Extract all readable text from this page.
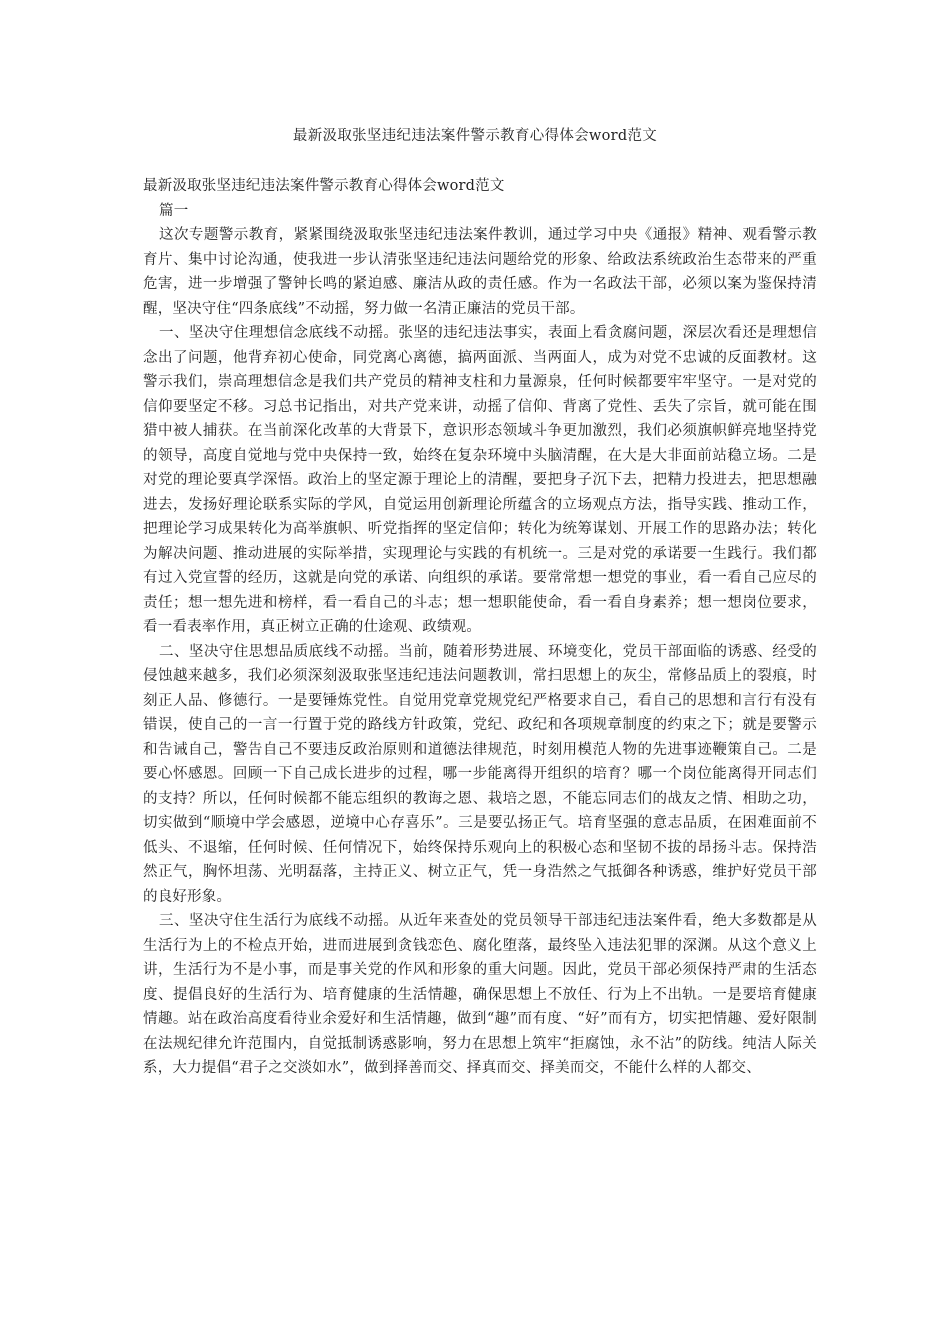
最新汲取张坚违纪违法案件警示教育心得体会word范文

最新汲取张坚违纪违法案件警示教育心得体会word范文

篇一

这次专题警示教育，紧紧围绕汲取张坚违纪违法案件教训，通过学习中央《通报》精神、观看警示教育片、集中讨论沟通，使我进一步认清张坚违纪违法问题给党的形象、给政法系统政治生态带来的严重危害，进一步增强了警钟长鸣的紧迫感、廉洁从政的责任感。作为一名政法干部，必须以案为鉴保持清醒，坚决守住“四条底线”不动摇，努力做一名清正廉洁的党员干部。

一、坚决守住理想信念底线不动摇。张坚的违纪违法事实，表面上看贪腐问题，深层次看还是理想信念出了问题，他背弃初心使命，同党离心离德，搞两面派、当两面人，成为对党不忠诚的反面教材。这警示我们，崇高理想信念是我们共产党员的精神支柱和力量源泉，任何时候都要牢牢坚守。一是对党的信仰要坚定不移。习总书记指出，对共产党来讲，动摇了信仰、背离了党性、丢失了宗旨，就可能在围猎中被人捕获。在当前深化改革的大背景下，意识形态领域斗争更加激烈，我们必须旗帜鲜亮地坚持党的领导，高度自觉地与党中央保持一致，始终在复杂环境中头脑清醒，在大是大非面前站稳立场。二是对党的理论要真学深悟。政治上的坚定源于理论上的清醒，要把身子沉下去，把精力投进去，把思想融进去，发扬好理论联系实际的学风，自觉运用创新理论所蕴含的立场观点方法，指导实践、推动工作，把理论学习成果转化为高举旗帜、听党指挥的坚定信仰；转化为统筹谋划、开展工作的思路办法；转化为解决问题、推动进展的实际举措，实现理论与实践的有机统一。三是对党的承诺要一生践行。我们都有过入党宣誓的经历，这就是向党的承诺、向组织的承诺。要常常想一想党的事业，看一看自己应尽的责任；想一想先进和榜样，看一看自己的斗志；想一想职能使命，看一看自身素养；想一想岗位要求，看一看表率作用，真正树立正确的仕途观、政绩观。

二、坚决守住思想品质底线不动摇。当前，随着形势进展、环境变化，党员干部面临的诱惑、经受的侵蚀越来越多，我们必须深刻汲取张坚违纪违法问题教训，常扫思想上的灰尘，常修品质上的裂痕，时刻正人品、修德行。一是要锤炼党性。自觉用党章党规党纪严格要求自己，看自己的思想和言行有没有错误，使自己的一言一行置于党的路线方针政策，党纪、政纪和各项规章制度的约束之下；就是要警示和告诫自己，警告自己不要违反政治原则和道德法律规范，时刻用模范人物的先进事迹鞭策自己。二是要心怀感恩。回顾一下自己成长进步的过程，哪一步能离得开组织的培育？哪一个岗位能离得开同志们的支持？所以，任何时候都不能忘组织的教诲之恩、栽培之恩，不能忘同志们的战友之情、相助之功，切实做到“顺境中学会感恩，逆境中心存喜乐”。三是要弘扬正气。培育坚强的意志品质，在困难面前不低头、不退缩，任何时候、任何情况下，始终保持乐观向上的积极心态和坚韧不拔的昂扬斗志。保持浩然正气，胸怀坦荡、光明磊落，主持正义、树立正气，凭一身浩然之气抵御各种诱惑，维护好党员干部的良好形象。

三、坚决守住生活行为底线不动摇。从近年来查处的党员领导干部违纪违法案件看，绝大多数都是从生活行为上的不检点开始，进而进展到贪钱恋色、腐化堕落，最终坠入违法犯罪的深渊。从这个意义上讲，生活行为不是小事，而是事关党的作风和形象的重大问题。因此，党员干部必须保持严肃的生活态度、提倡良好的生活行为、培育健康的生活情趣，确保思想上不放任、行为上不出轨。一是要培育健康情趣。站在政治高度看待业余爱好和生活情趣，做到“趣”而有度、“好”而有方，切实把情趣、爱好限制在法规纪律允许范围内，自觉抵制诱惑影响，努力在思想上筑牢“拒腐蚀，永不沾”的防线。纯洁人际关系，大力提倡“君子之交淡如水”，做到择善而交、择真而交、择美而交，不能什么样的人都交、
